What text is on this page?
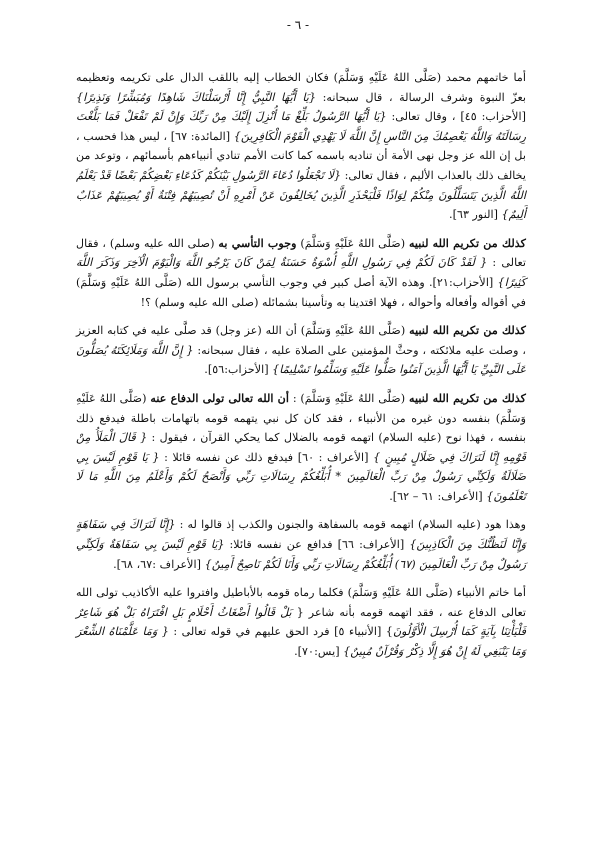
- ٦ -

أما خاتمهم محمد (صَلَّى اللهُ عَلَيْهِ وَسَلَّمَ) فكان الخطاب إليه باللقب الدال على تكريمه وتعظيمه بعزّ النبوة وشرف الرسالة ، قال سبحانه: {يَا أَيُّهَا النَّبِيُّ إِنَّا أَرْسَلْنَاكَ شَاهِدًا وَمُبَشِّرًا وَنَذِيرًا} [الأحزاب: ٤٥] ، وقال تعالى: {يَا أَيُّهَا الرَّسُولُ بَلِّغْ مَا أُنْزِلَ إِلَيْكَ مِنْ رَبِّكَ وَإِنْ لَمْ تَفْعَلْ فَمَا بَلَّغْتَ رِسَالَتَهُ وَاللَّهُ يَعْصِمُكَ مِنَ النَّاسِ إِنَّ اللَّهَ لَا يَهْدِي الْقَوْمَ الْكَافِرِينَ} [المائدة: ٦٧] ، ليس هذا فحسب ، بل إن الله عز وجل نهى الأمة أن تناديه باسمه كما كانت الأمم تنادي أنبياءهم بأسمائهم ، وتوعد من يخالف ذلك بالعذاب الأليم ، فقال تعالى: {لَا تَجْعَلُوا دُعَاءَ الرَّسُولِ بَيْنَكُمْ كَدُعَاءِ بَعْضِكُمْ بَعْضًا قَدْ يَعْلَمُ اللَّهُ الَّذِينَ يَتَسَلَّلُونَ مِنْكُمْ لِوَاذًا فَلْيَحْذَرِ الَّذِينَ يُخَالِفُونَ عَنْ أَمْرِهِ أَنْ تُصِيبَهُمْ فِتْنَةٌ أَوْ يُصِيبَهُمْ عَذَابٌ أَلِيمٌ} [النور ٦٣].

كذلك من تكريم الله لنبيه (صَلَّى اللهُ عَلَيْهِ وَسَلَّمَ) وجوب التأسي به (صلى الله عليه وسلم) ، فقال تعالى : { لَقَدْ كَانَ لَكُمْ فِي رَسُولِ اللَّهِ أُسْوَةٌ حَسَنَةٌ لِمَنْ كَانَ يَرْجُو اللَّهَ وَالْيَوْمَ الْآخِرَ وَذَكَرَ اللَّهَ كَثِيرًا} [الأحزاب:٢١]. وهذه الآية أصل كبير في وجوب التأسي برسول الله (صَلَّى اللهُ عَلَيْهِ وَسَلَّمَ) في أقواله وأفعاله وأحواله ، فهلا اقتدينا به وتأسينا بشمائله (صلى الله عليه وسلم) ؟!

كذلك من تكريم الله لنبيه (صَلَّى اللهُ عَلَيْهِ وَسَلَّمَ) أن الله (عز وجل) قد صلَّى عليه في كتابه العزيز ، وصلت عليه ملائكته ، وحثَّ المؤمنين على الصلاة عليه ، فقال سبحانه: { إِنَّ اللَّهَ وَمَلَائِكَتَهُ يُصَلُّونَ عَلَى النَّبِيِّ يَا أَيُّهَا الَّذِينَ آمَنُوا صَلُّوا عَلَيْهِ وَسَلِّمُوا تَسْلِيمًا} [الأحزاب:٥٦].

كذلك من تكريم الله لنبيه (صَلَّى اللهُ عَلَيْهِ وَسَلَّمَ) : أن الله تعالى تولى الدفاع عنه (صَلَّى اللهُ عَلَيْهِ وَسَلَّمَ) بنفسه دون غيره من الأنبياء ، فقد كان كل نبي يتهمه قومه باتهامات باطلة فيدفع ذلك بنفسه ، فهذا نوح (عليه السلام) اتهمه قومه بالضلال كما يحكي القرآن ، فيقول : { قَالَ الْمَلَأُ مِنْ قَوْمِهِ إِنَّا لَنَرَاكَ فِي ضَلَالٍ مُبِينٍ } [الأعراف : ٦٠] فيدفع ذلك عن نفسه قائلا : { يَا قَوْمِ لَيْسَ بِي ضَلَالَةٌ وَلَكِنِّي رَسُولٌ مِنْ رَبِّ الْعَالَمِينَ * أُبَلِّغُكُمْ رِسَالَاتِ رَبِّي وَأَنْصَحُ لَكُمْ وَأَعْلَمُ مِنَ اللَّهِ مَا لَا تَعْلَمُونَ} [الأعراف: ٦١ – ٦٢].

وهذا هود (عليه السلام) اتهمه قومه بالسفاهة والجنون والكذب إذ قالوا له : {إِنَّا لَنَرَاكَ فِي سَفَاهَةٍ وَإِنَّا لَنَظُنُّكَ مِنَ الْكَاذِبِينَ} [الأعراف: ٦٦] فدافع عن نفسه قائلا: {يَا قَوْمِ لَيْسَ بِي سَفَاهَةٌ وَلَكِنِّي رَسُولٌ مِنْ رَبِّ الْعَالَمِينَ (٦٧) أُبَلِّغُكُمْ رِسَالَاتِ رَبِّي وَأَنَا لَكُمْ نَاصِحٌ أَمِينٌ} [الأعراف :٦٧، ٦٨].

أما خاتم الأنبياء (صَلَّى اللهُ عَلَيْهِ وَسَلَّمَ) فكلما رماه قومه بالأباطيل وافتروا عليه الأكاذيب تولى الله تعالى الدفاع عنه ، فقد اتهمه قومه بأنه شاعر { بَلْ قَالُوا أَضْغَاثُ أَحْلَامٍ بَلِ افْتَرَاهُ بَلْ هُوَ شَاعِرٌ فَلْيَأْتِنَا بِآيَةٍ كَمَا أُرْسِلَ الْأَوَّلُونَ} [الأنبياء ٥] فرد الحق عليهم في قوله تعالى : { وَمَا عَلَّمْنَاهُ الشِّعْرَ وَمَا يَنْبَغِي لَهُ إِنْ هُوَ إِلَّا ذِكْرٌ وَقُرْآنٌ مُبِينٌ} [يس:٧٠].
